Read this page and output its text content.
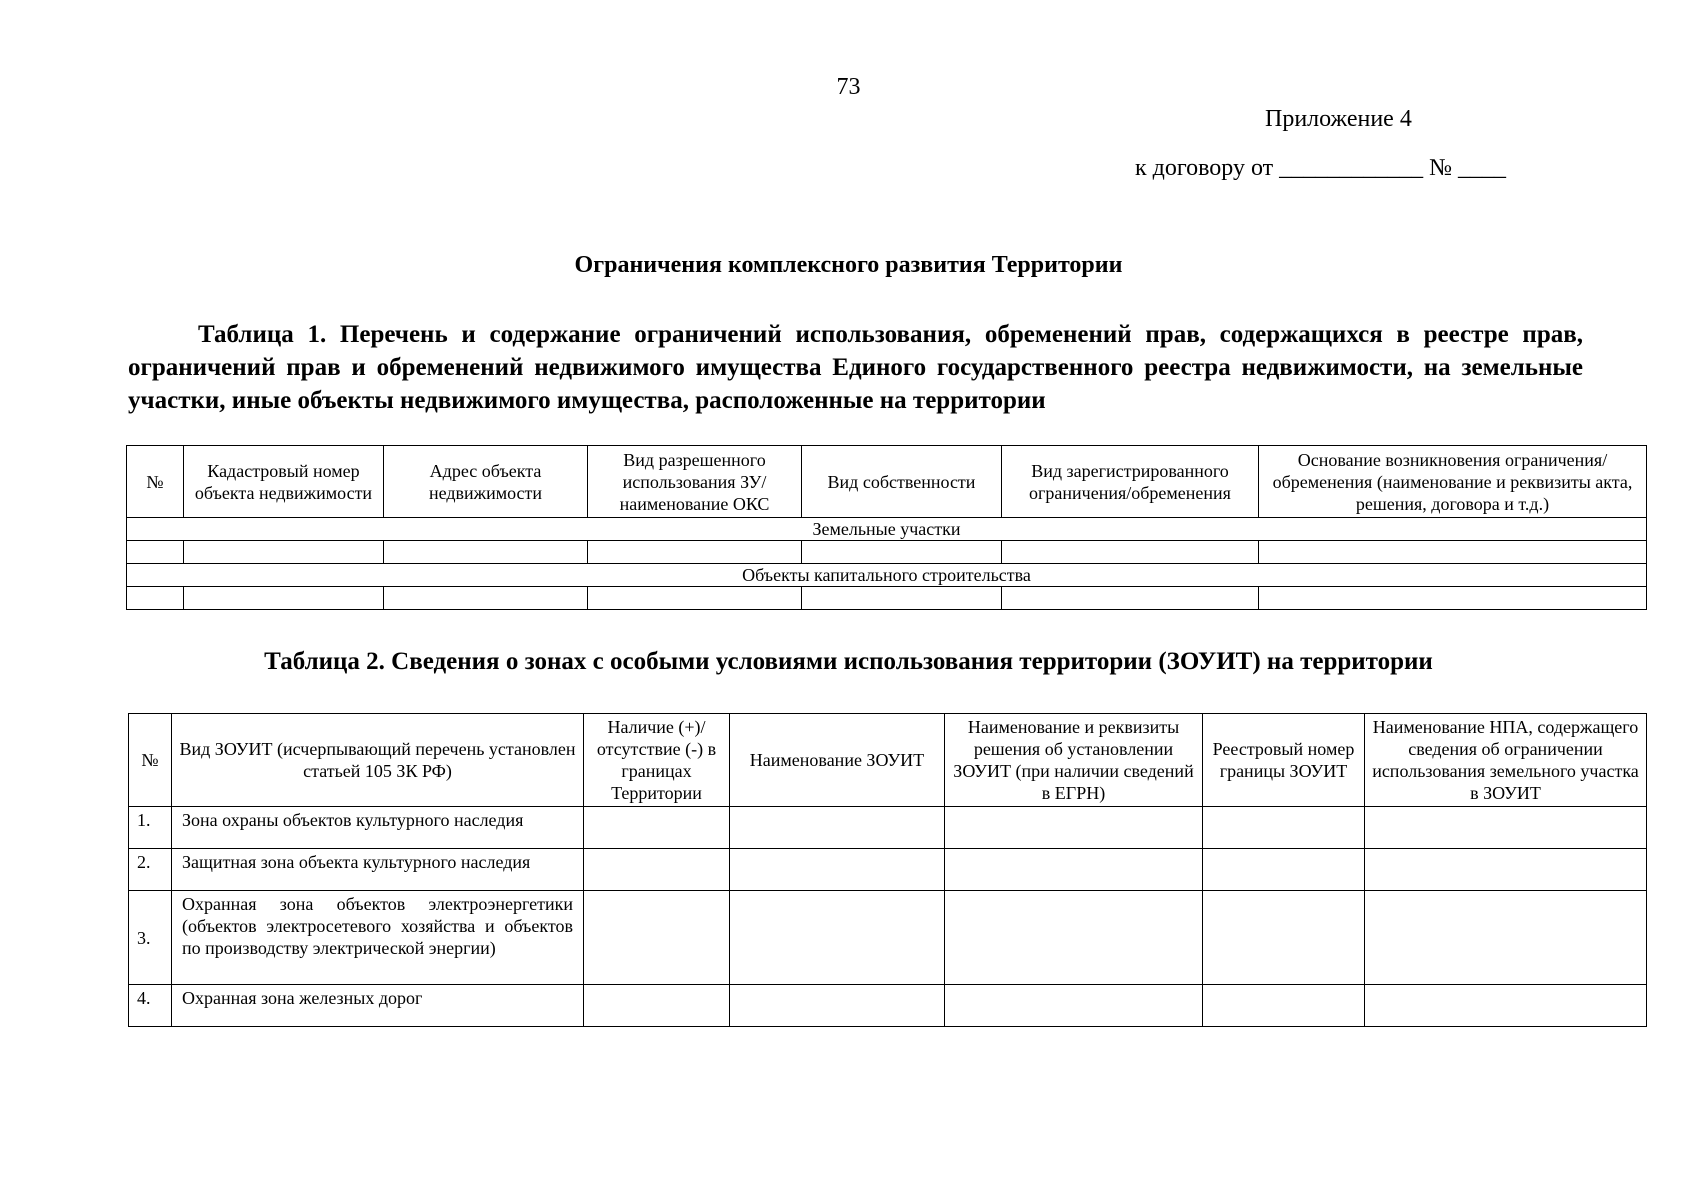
73
Приложение 4
к договору от ____________ № ____
Ограничения комплексного развития Территории
Таблица 1. Перечень и содержание ограничений использования, обременений прав, содержащихся в реестре прав, ограничений прав и обременений недвижимого имущества Единого государственного реестра недвижимости, на земельные участки, иные объекты недвижимого имущества, расположенные на территории
№	Кадастровый номер объекта недвижимости	Адрес объекта недвижимости	Вид разрешенного использования ЗУ/наименование ОКС	Вид собственности	Вид зарегистрированного ограничения/обременения	Основание возникновения ограничения/обременения (наименование и реквизиты акта, решения, договора и т.д.)
Земельные участки						

Объекты капитального строительства						

Таблица 2. Сведения о зонах с особыми условиями использования территории (ЗОУИТ) на территории
№	Вид ЗОУИТ (исчерпывающий перечень установлен статьей 105 ЗК РФ)	Наличие (+)/отсутствие (-) в границах Территории	Наименование ЗОУИТ	Наименование и реквизиты решения об установлении ЗОУИТ (при наличии сведений в ЕГРН)	Реестровый номер границы ЗОУИТ	Наименование НПА, содержащего сведения об ограничении использования земельного участка в ЗОУИТ
1.	Зона охраны объектов культурного наследия					
2.	Защитная зона объекта культурного наследия					
3.	Охранная зона объектов электроэнергетики (объектов электросетевого хозяйства и объектов по производству электрической энергии)					
4.	Охранная зона железных дорог					
